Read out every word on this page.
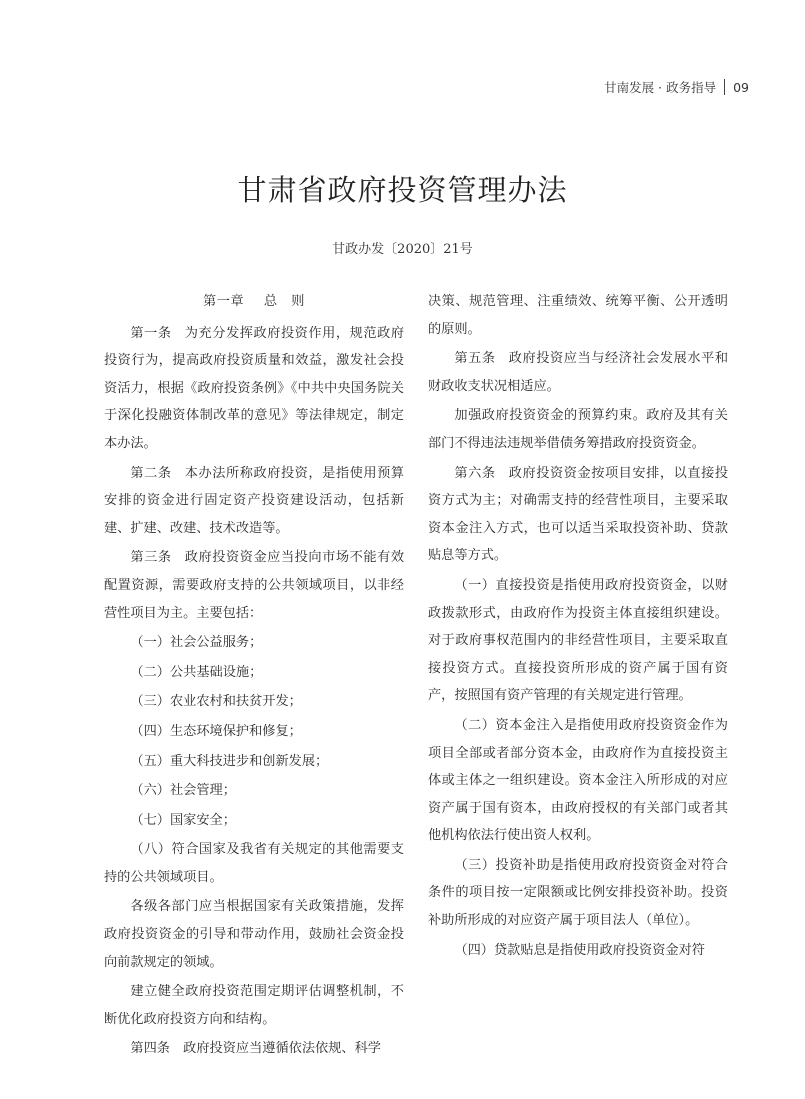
甘南发展 · 政务指导 09
甘肃省政府投资管理办法
甘政办发〔2020〕21号
第一章 总　则

第一条 为充分发挥政府投资作用，规范政府投资行为，提高政府投资质量和效益，激发社会投资活力，根据《政府投资条例》《中共中央国务院关于深化投融资体制改革的意见》等法律规定，制定本办法。

第二条 本办法所称政府投资，是指使用预算安排的资金进行固定资产投资建设活动，包括新建、扩建、改建、技术改造等。

第三条 政府投资资金应当投向市场不能有效配置资源，需要政府支持的公共领域项目，以非经营性项目为主。主要包括：

（一）社会公益服务；

（二）公共基础设施；

（三）农业农村和扶贫开发；

（四）生态环境保护和修复；

（五）重大科技进步和创新发展；

（六）社会管理；

（七）国家安全；

（八）符合国家及我省有关规定的其他需要支持的公共领域项目。

各级各部门应当根据国家有关政策措施，发挥政府投资资金的引导和带动作用，鼓励社会资金投向前款规定的领域。

建立健全政府投资范围定期评估调整机制，不断优化政府投资方向和结构。

第四条 政府投资应当遵循依法依规、科学

决策、规范管理、注重绩效、统筹平衡、公开透明的原则。

第五条 政府投资应当与经济社会发展水平和财政收支状况相适应。

加强政府投资资金的预算约束。政府及其有关部门不得违法违规举借债务筹措政府投资资金。

第六条 政府投资资金按项目安排，以直接投资方式为主；对确需支持的经营性项目，主要采取资本金注入方式，也可以适当采取投资补助、贷款贴息等方式。

（一）直接投资是指使用政府投资资金，以财政拨款形式，由政府作为投资主体直接组织建设。对于政府事权范围内的非经营性项目，主要采取直接投资方式。直接投资所形成的资产属于国有资产，按照国有资产管理的有关规定进行管理。

（二）资本金注入是指使用政府投资资金作为项目全部或者部分资本金，由政府作为直接投资主体或主体之一组织建设。资本金注入所形成的对应资产属于国有资本，由政府授权的有关部门或者其他机构依法行使出资人权利。

（三）投资补助是指使用政府投资资金对符合条件的项目按一定限额或比例安排投资补助。投资补助所形成的对应资产属于项目法人（单位）。

（四）贷款贴息是指使用政府投资资金对符
